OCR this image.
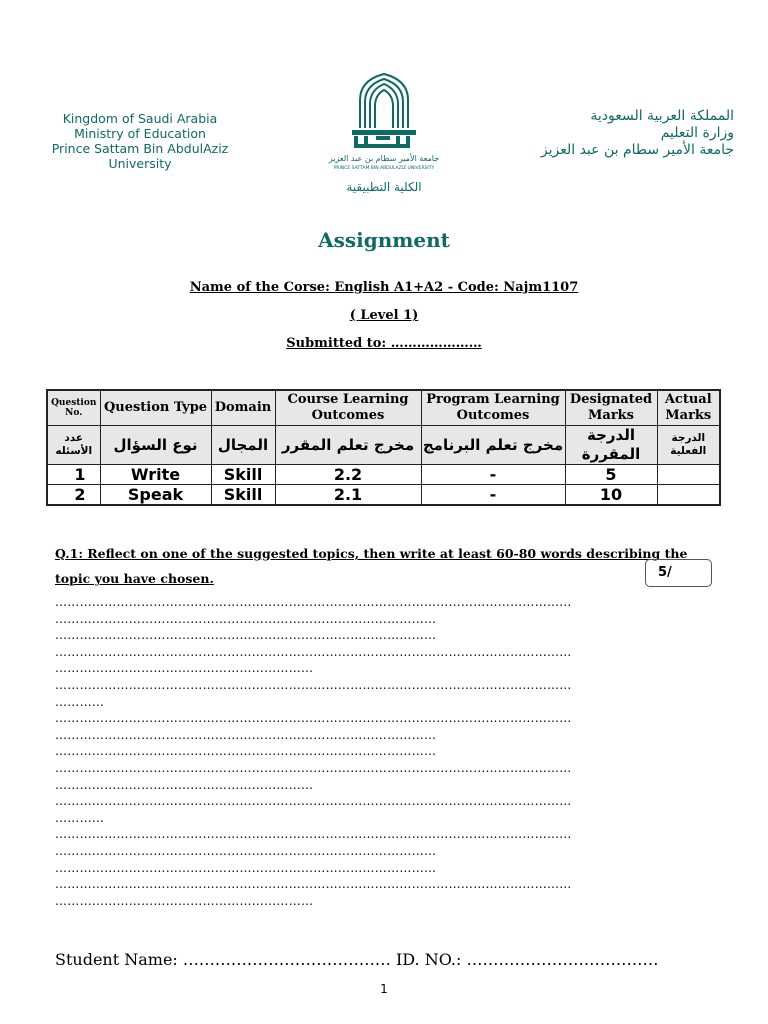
Kingdom of Saudi Arabia
Ministry of Education
Prince Sattam Bin AbdulAziz
University	جامعة الأمير سطام بن عبد العزيز
PRINCE SATTAM BIN ABDULAZIZ UNIVERSITY
الكلية التطبيقية
المملكة العربية السعودية
وزارة التعليم
جامعة الأمير سطام بن عبد العزيز
Assignment
Name of the Corse: English A1+A2 - Code: Najm1107
( Level 1)
Submitted to: …………………
Question No.	Question Type	Domain	Course Learning Outcomes	Program Learning Outcomes	Designated Marks	Actual Marks
عدد الأسئله	نوع السؤال	المجال	مخرج تعلم المقرر	مخرج تعلم البرنامج	الدرجة المقررة	الدرجة الفعلية
1	Write	Skill	2.2	-	5	
2	Speak	Skill	2.1	-	10	
Q.1: Reflect on one of the suggested topics, then write at least 60-80 words describing the topic you have chosen.	5/
………………………………………………………………………………………………………………
…………………………………………………………………………………
…………………………………………………………………………………
………………………………………………………………………………………………………………
………………………………………………………
………………………………………………………………………………………………………………
…………
………………………………………………………………………………………………………………
…………………………………………………………………………………
…………………………………………………………………………………
………………………………………………………………………………………………………………
………………………………………………………
………………………………………………………………………………………………………………
…………
………………………………………………………………………………………………………………
…………………………………………………………………………………
…………………………………………………………………………………
………………………………………………………………………………………………………………
………………………………………………………
Student Name: ………………………………… ID. NO.: ………………………………
1
